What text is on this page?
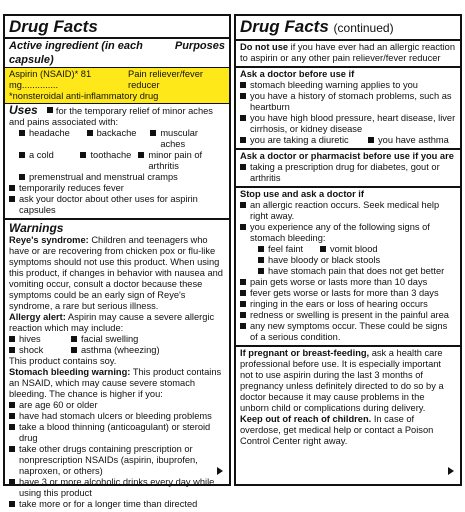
Drug Facts
Active ingredient (in each capsule)
Purposes
Aspirin (NSAID)* 81 mg..............
Pain reliever/fever reducer
*nonsteroidal anti-inflammatory drug
Uses for the temporary relief of minor aches and pains associated with:
headache	backache	muscular aches
a cold	toothache minor pain of arthritis
premenstrual and menstrual cramps
temporarily reduces fever
ask your doctor about other uses for aspirin capsules
Warnings

Reye's syndrome: Children and teenagers who have or are recovering from chicken pox or flu-like symptoms should not use this product. When using this product, if changes in behavior with nausea and vomiting occur, consult a doctor because these symptoms could be an early sign of Reye's syndrome, a rare but serious illness.

Allergy alert: Aspirin may cause a severe allergic reaction which may include:

hives	facial swelling
shock	asthma (wheezing)

This product contains soy.

Stomach bleeding warning: This product contains an NSAID, which may cause severe stomach bleeding. The chance is higher if you:

are age 60 or older
have had stomach ulcers or bleeding problems
take a blood thinning (anticoagulant) or steroid drug
take other drugs containing prescription or nonprescription NSAIDs (aspirin, ibuprofen, naproxen, or others)
have 3 or more alcoholic drinks every day while using this product
take more or for a longer time than directed
Drug Facts (continued)

Do not use if you have ever had an allergic reaction to aspirin or any other pain reliever/fever reducer

Ask a doctor before use if
stomach bleeding warning applies to you
you have a history of stomach problems, such as heartburn
you have high blood pressure, heart disease, liver cirrhosis, or kidney disease
you are taking a diuretic	you have asthma
Ask a doctor or pharmacist before use if you are
taking a prescription drug for diabetes, gout or arthritis
Stop use and ask a doctor if
an allergic reaction occurs. Seek medical help right away.
you experience any of the following signs of stomach bleeding:
feel faint	vomit blood
have bloody or black stools
have stomach pain that does not get better
pain gets worse or lasts more than 10 days
fever gets worse or lasts for more than 3 days
ringing in the ears or loss of hearing occurs
redness or swelling is present in the painful area
any new symptoms occur. These could be signs of a serious condition.

If pregnant or breast-feeding, ask a health care professional before use. It is especially important not to use aspirin during the last 3 months of pregnancy unless definitely directed to do so by a doctor because it may cause problems in the unborn child or complications during delivery.

Keep out of reach of children. In case of overdose, get medical help or contact a Poison Control Center right away.
